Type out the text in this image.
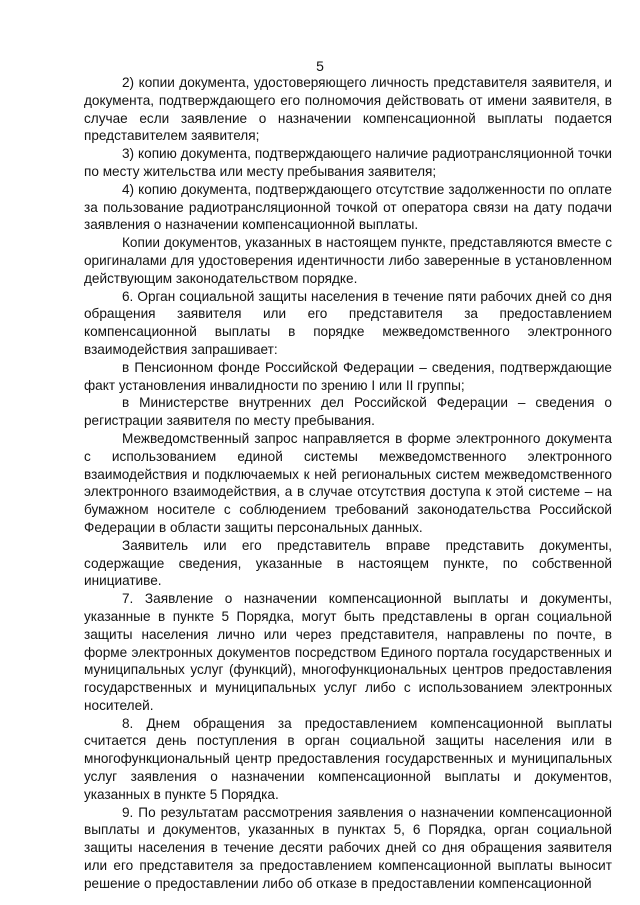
5

2) копии документа, удостоверяющего личность представителя заявителя, и документа, подтверждающего его полномочия действовать от имени заявителя, в случае если заявление о назначении компенсационной выплаты подается представителем заявителя;

3) копию документа, подтверждающего наличие радиотрансляционной точки по месту жительства или месту пребывания заявителя;

4) копию документа, подтверждающего отсутствие задолженности по оплате за пользование радиотрансляционной точкой от оператора связи на дату подачи заявления о назначении компенсационной выплаты.

Копии документов, указанных в настоящем пункте, представляются вместе с оригиналами для удостоверения идентичности либо заверенные в установленном действующим законодательством порядке.

6. Орган социальной защиты населения в течение пяти рабочих дней со дня обращения заявителя или его представителя за предоставлением компенсационной выплаты в порядке межведомственного электронного взаимодействия запрашивает:

в Пенсионном фонде Российской Федерации – сведения, подтверждающие факт установления инвалидности по зрению I или II группы;

в Министерстве внутренних дел Российской Федерации – сведения о регистрации заявителя по месту пребывания.

Межведомственный запрос направляется в форме электронного документа с использованием единой системы межведомственного электронного взаимодействия и подключаемых к ней региональных систем межведомственного электронного взаимодействия, а в случае отсутствия доступа к этой системе – на бумажном носителе с соблюдением требований законодательства Российской Федерации в области защиты персональных данных.

Заявитель или его представитель вправе представить документы, содержащие сведения, указанные в настоящем пункте, по собственной инициативе.

7. Заявление о назначении компенсационной выплаты и документы, указанные в пункте 5 Порядка, могут быть представлены в орган социальной защиты населения лично или через представителя, направлены по почте, в форме электронных документов посредством Единого портала государственных и муниципальных услуг (функций), многофункциональных центров предоставления государственных и муниципальных услуг либо с использованием электронных носителей.

8. Днем обращения за предоставлением компенсационной выплаты считается день поступления в орган социальной защиты населения или в многофункциональный центр предоставления государственных и муниципальных услуг заявления о назначении компенсационной выплаты и документов, указанных в пункте 5 Порядка.

9. По результатам рассмотрения заявления о назначении компенсационной выплаты и документов, указанных в пунктах 5, 6 Порядка, орган социальной защиты населения в течение десяти рабочих дней со дня обращения заявителя или его представителя за предоставлением компенсационной выплаты выносит решение о предоставлении либо об отказе в предоставлении компенсационной
